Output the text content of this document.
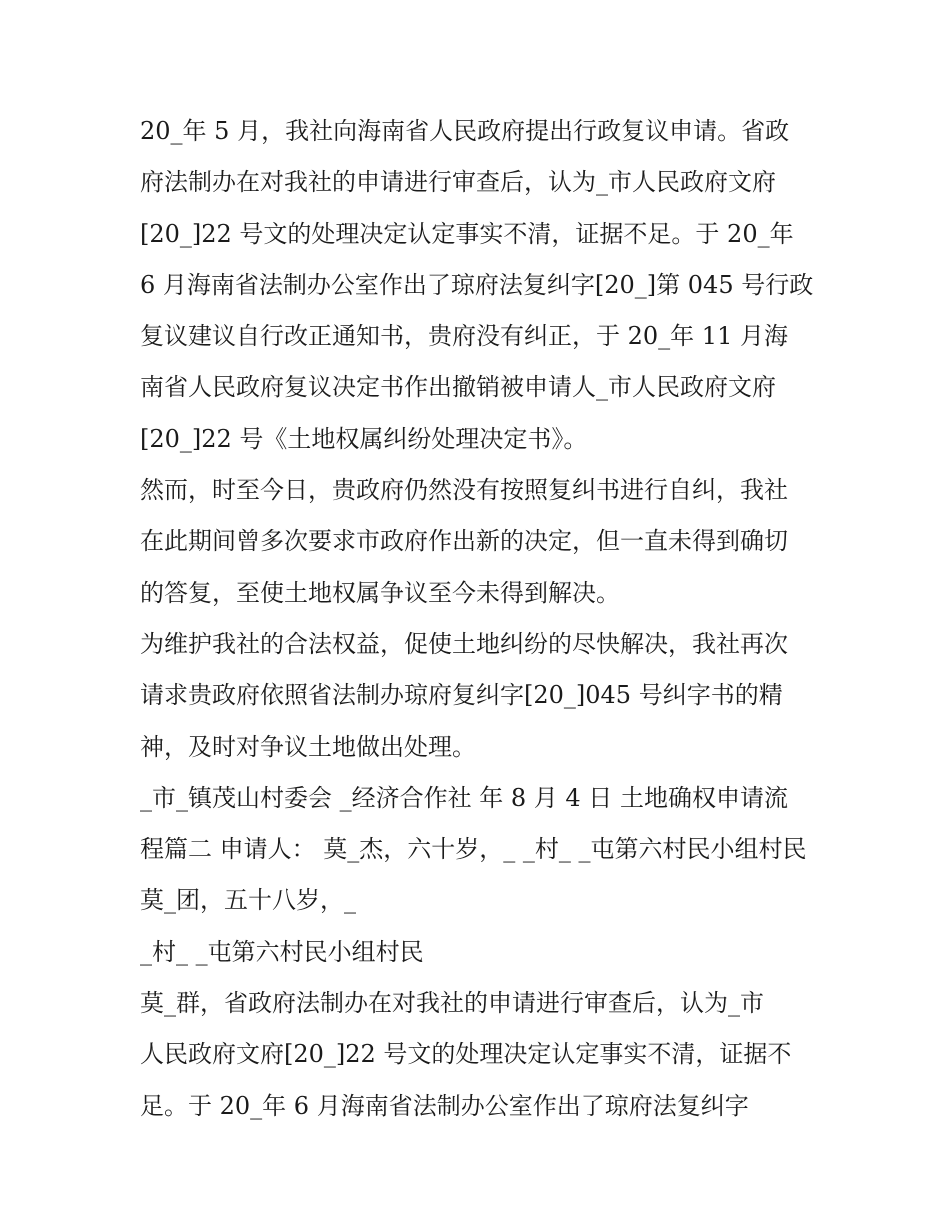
20_年 5 月，我社向海南省人民政府提出行政复议申请。省政
府法制办在对我社的申请进行审查后，认为_市人民政府文府
[20_]22 号文的处理决定认定事实不清，证据不足。于 20_年
6 月海南省法制办公室作出了琼府法复纠字[20_]第 045 号行政
复议建议自行改正通知书，贵府没有纠正，于 20_年 11 月海
南省人民政府复议决定书作出撤销被申请人_市人民政府文府
[20_]22 号《土地权属纠纷处理决定书》。
然而，时至今日，贵政府仍然没有按照复纠书进行自纠，我社
在此期间曾多次要求市政府作出新的决定，但一直未得到确切
的答复，至使土地权属争议至今未得到解决。
为维护我社的合法权益，促使土地纠纷的尽快解决，我社再次
请求贵政府依照省法制办琼府复纠字[20_]045 号纠字书的精
神，及时对争议土地做出处理。
_市_镇茂山村委会 _经济合作社 年 8 月 4 日 土地确权申请流
程篇二 申请人： 莫_杰，六十岁，_ _村_ _屯第六村民小组村民
莫_团，五十八岁，_
_村_ _屯第六村民小组村民
莫_群，省政府法制办在对我社的申请进行审查后，认为_市
人民政府文府[20_]22 号文的处理决定认定事实不清，证据不
足。于 20_年 6 月海南省法制办公室作出了琼府法复纠字
